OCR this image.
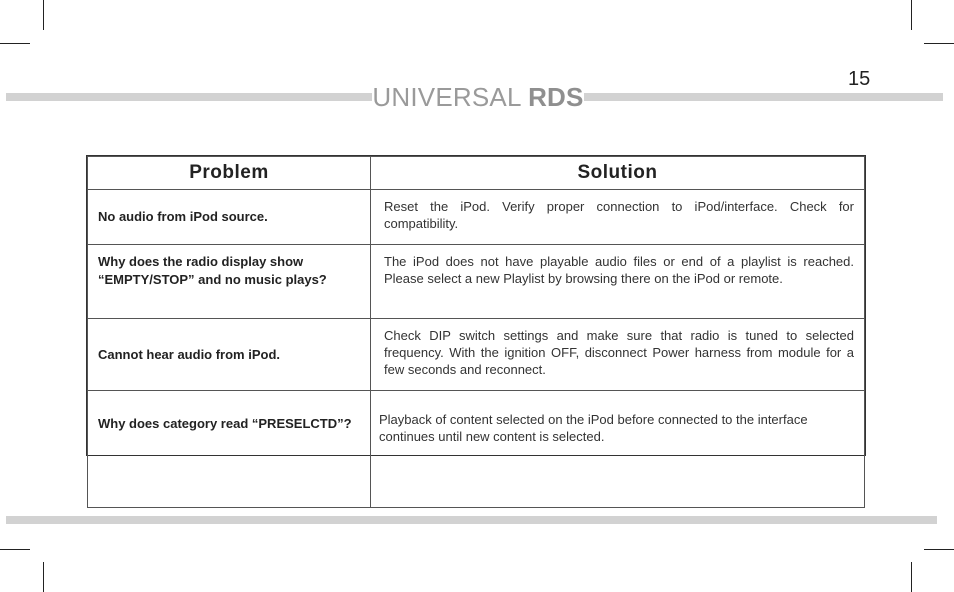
15
UNIVERSAL RDS
Problem	Solution
No audio from iPod source.	Reset the iPod. Verify proper connection to iPod/interface. Check for compatibility.
Why does the radio display show “EMPTY/STOP” and no music plays?	The iPod does not have playable audio files or end of a playlist is reached. Please select a new Playlist by browsing there on the iPod or remote.
Cannot hear audio from iPod.	Check DIP switch settings and make sure that radio is tuned to selected frequency. With the ignition OFF, disconnect Power harness from module for a few seconds and reconnect.
Why does category read “PRESELCTD”?	Playback of content selected on the iPod before connected to the interface continues until new content is selected.
